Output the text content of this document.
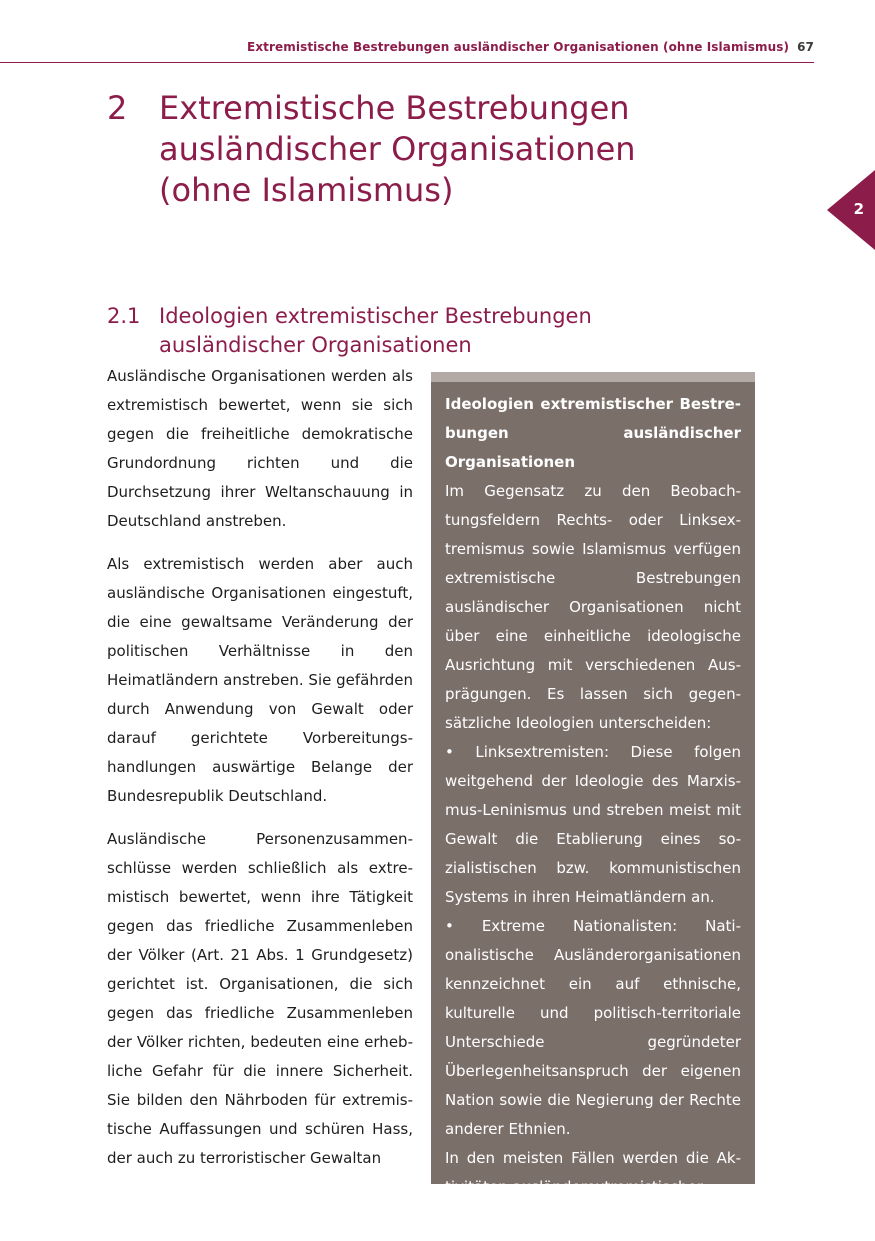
Extremistische Bestrebungen ausländischer Organisationen (ohne Islamismus) 67
2
2 Extremistische Bestrebungen ausländischer Organisationen (ohne Islamismus)
2.1 Ideologien extremistischer Bestrebungen ausländischer Organisationen

Ausländische Organisationen werden als extremistisch bewertet, wenn sie sich gegen die freiheitliche demokratische Grundordnung richten und die Durchsetzung ihrer Weltanschauung in Deutschland anstreben.

Als extremistisch werden aber auch ausländische Organisationen eingestuft, die eine gewaltsame Veränderung der politischen Verhältnisse in den Heimatländern anstreben. Sie gefährden durch Anwendung von Gewalt oder darauf gerichtete Vorbereitungshandlungen auswärtige Belange der Bundesrepublik Deutschland.

Ausländische Personenzusammenschlüsse werden schließlich als extremistisch bewertet, wenn ihre Tätigkeit gegen das friedliche Zusammenleben der Völker (Art. 21 Abs. 1 Grundgesetz) gerichtet ist. Organisationen, die sich gegen das friedliche Zusammenleben der Völker richten, bedeuten eine erhebliche Gefahr für die innere Sicherheit. Sie bilden den Nährboden für extremistische Auffassungen und schüren Hass, der auch zu terroristischer Gewaltan

Ideologien extremistischer Bestrebungen ausländischer Organisationen

Im Gegensatz zu den Beobachtungsfeldern Rechts- oder Linksextremismus sowie Islamismus verfügen extremistische Bestrebungen ausländischer Organisationen nicht über eine einheitliche ideologische Ausrichtung mit verschiedenen Ausprägungen. Es lassen sich gegensätzliche Ideologien unterscheiden:

• Linksextremisten: Diese folgen weitgehend der Ideologie des Marxismus-Leninismus und streben meist mit Gewalt die Etablierung eines sozialistischen bzw. kommunistischen Systems in ihren Heimatländern an.

• Extreme Nationalisten: Nationalistische Ausländerorganisationen kennzeichnet ein auf ethnische, kulturelle und politisch-territoriale Unterschiede gegründeter Überlegenheitsanspruch der eigenen Nation sowie die Negierung der Rechte anderer Ethnien.

In den meisten Fällen werden die Aktivitäten ausländerextremistischer
